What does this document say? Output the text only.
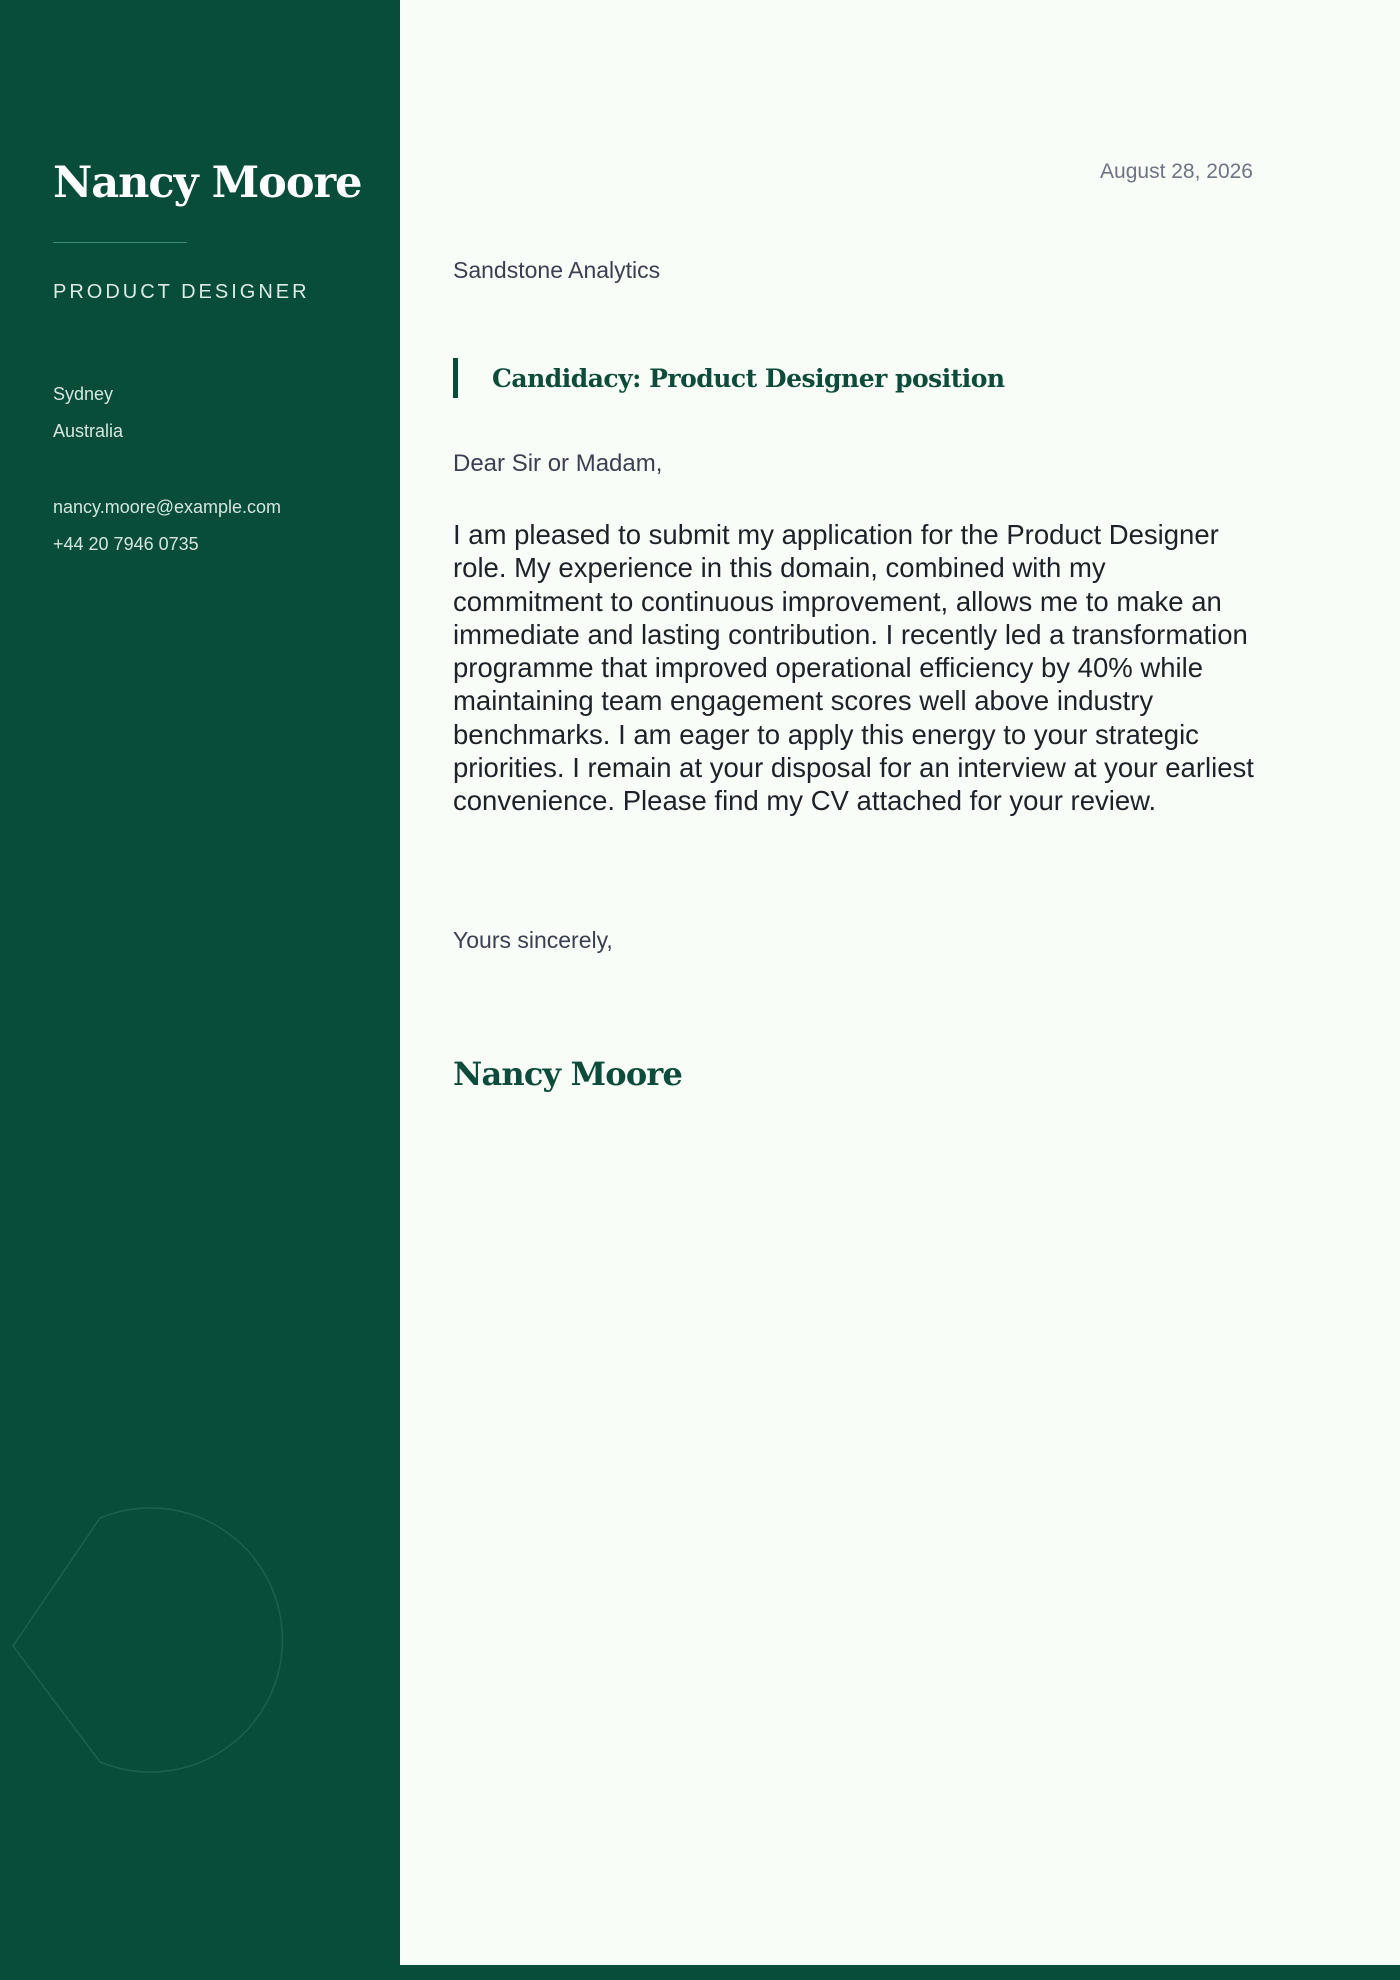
Nancy Moore
PRODUCT DESIGNER
Sydney
Australia
nancy.moore@example.com
+44 20 7946 0735
August 28, 2026
Sandstone Analytics
Candidacy: Product Designer position
Dear Sir or Madam,
I am pleased to submit my application for the Product Designer role. My experience in this domain, combined with my commitment to continuous improvement, allows me to make an immediate and lasting contribution. I recently led a transformation programme that improved operational efficiency by 40% while maintaining team engagement scores well above industry benchmarks. I am eager to apply this energy to your strategic priorities. I remain at your disposal for an interview at your earliest convenience. Please find my CV attached for your review.
Yours sincerely,
Nancy Moore
